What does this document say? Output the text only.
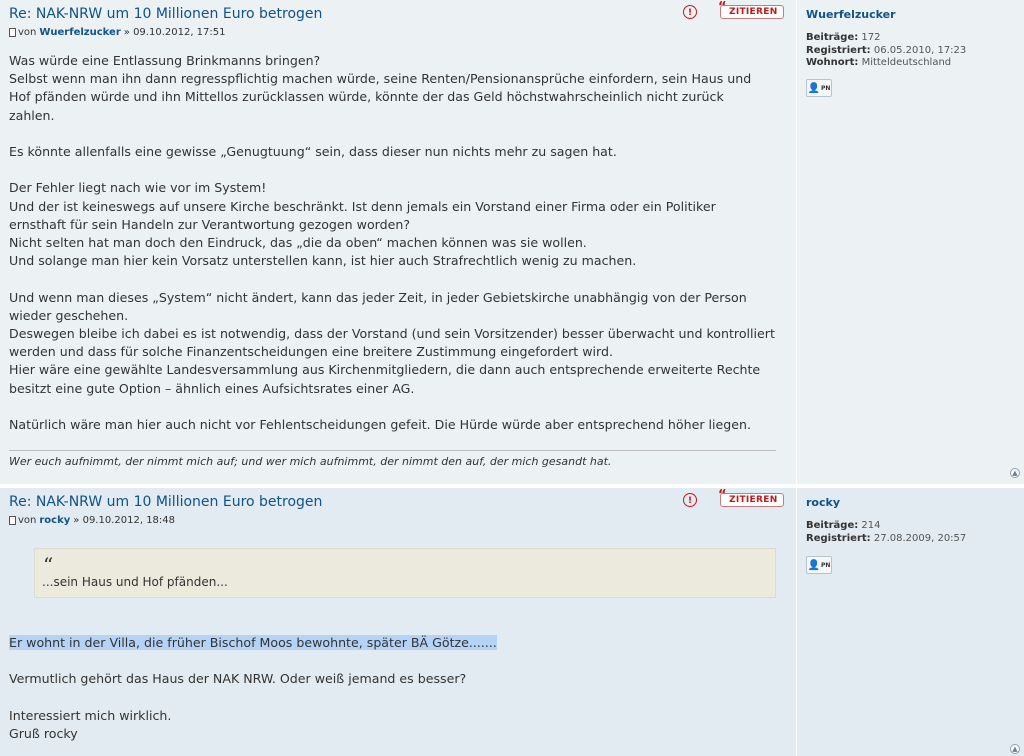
Re: NAK-NRW um 10 Millionen Euro betrogen	!	“ ZITIEREN
von Wuerfelzucker » 09.10.2012, 17:51

Was würde eine Entlassung Brinkmanns bringen?

Selbst wenn man ihn dann regresspflichtig machen würde, seine Renten/Pensionansprüche einfordern, sein Haus und

Hof pfänden würde und ihn Mittellos zurücklassen würde, könnte der das Geld höchstwahrscheinlich nicht zurück

zahlen.

Es könnte allenfalls eine gewisse „Genugtuung“ sein, dass dieser nun nichts mehr zu sagen hat.

Der Fehler liegt nach wie vor im System!

Und der ist keineswegs auf unsere Kirche beschränkt. Ist denn jemals ein Vorstand einer Firma oder ein Politiker

ernsthaft für sein Handeln zur Verantwortung gezogen worden?

Nicht selten hat man doch den Eindruck, das „die da oben“ machen können was sie wollen.

Und solange man hier kein Vorsatz unterstellen kann, ist hier auch Strafrechtlich wenig zu machen.

Und wenn man dieses „System“ nicht ändert, kann das jeder Zeit, in jeder Gebietskirche unabhängig von der Person

wieder geschehen.

Deswegen bleibe ich dabei es ist notwendig, dass der Vorstand (und sein Vorsitzender) besser überwacht und kontrolliert

werden und dass für solche Finanzentscheidungen eine breitere Zustimmung eingefordert wird.

Hier wäre eine gewählte Landesversammlung aus Kirchenmitgliedern, die dann auch entsprechende erweiterte Rechte

besitzt eine gute Option – ähnlich eines Aufsichtsrates einer AG.

Natürlich wäre man hier auch nicht vor Fehlentscheidungen gefeit. Die Hürde würde aber entsprechend höher liegen.

Wer euch aufnimmt, der nimmt mich auf; und wer mich aufnimmt, der nimmt den auf, der mich gesandt hat.
Wuerfelzucker
Beiträge: 172
Registriert: 06.05.2010, 17:23
Wohnort: Mitteldeutschland
👤 PN
▲
Re: NAK-NRW um 10 Millionen Euro betrogen	!	“ ZITIEREN
von rocky » 09.10.2012, 18:48
“
...sein Haus und Hof pfänden...

Er wohnt in der Villa, die früher Bischof Moos bewohnte, später BÄ Götze.......

Vermutlich gehört das Haus der NAK NRW. Oder weiß jemand es besser?

Interessiert mich wirklich.

Gruß rocky

rocky
Beiträge: 214
Registriert: 27.08.2009, 20:57
👤 PN
▲
